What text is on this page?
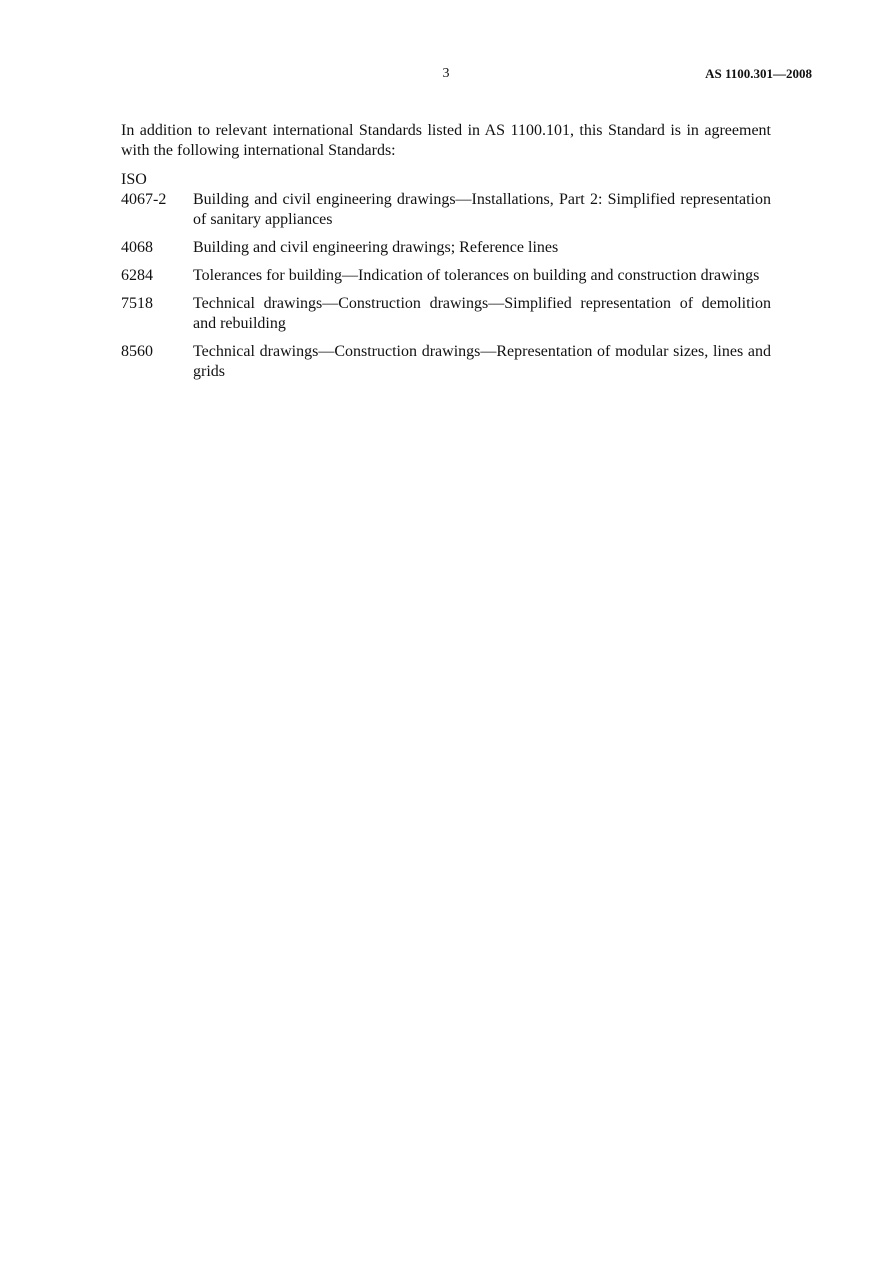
3	AS 1100.301—2008

In addition to relevant international Standards listed in AS 1100.101, this Standard is in agreement with the following international Standards:

ISO
4067-2	Building and civil engineering drawings—Installations, Part 2: Simplified representation of sanitary appliances
4068	Building and civil engineering drawings; Reference lines
6284	Tolerances for building—Indication of tolerances on building and construction drawings
7518	Technical drawings—Construction drawings—Simplified representation of demolition and rebuilding
8560	Technical drawings—Construction drawings—Representation of modular sizes, lines and grids
